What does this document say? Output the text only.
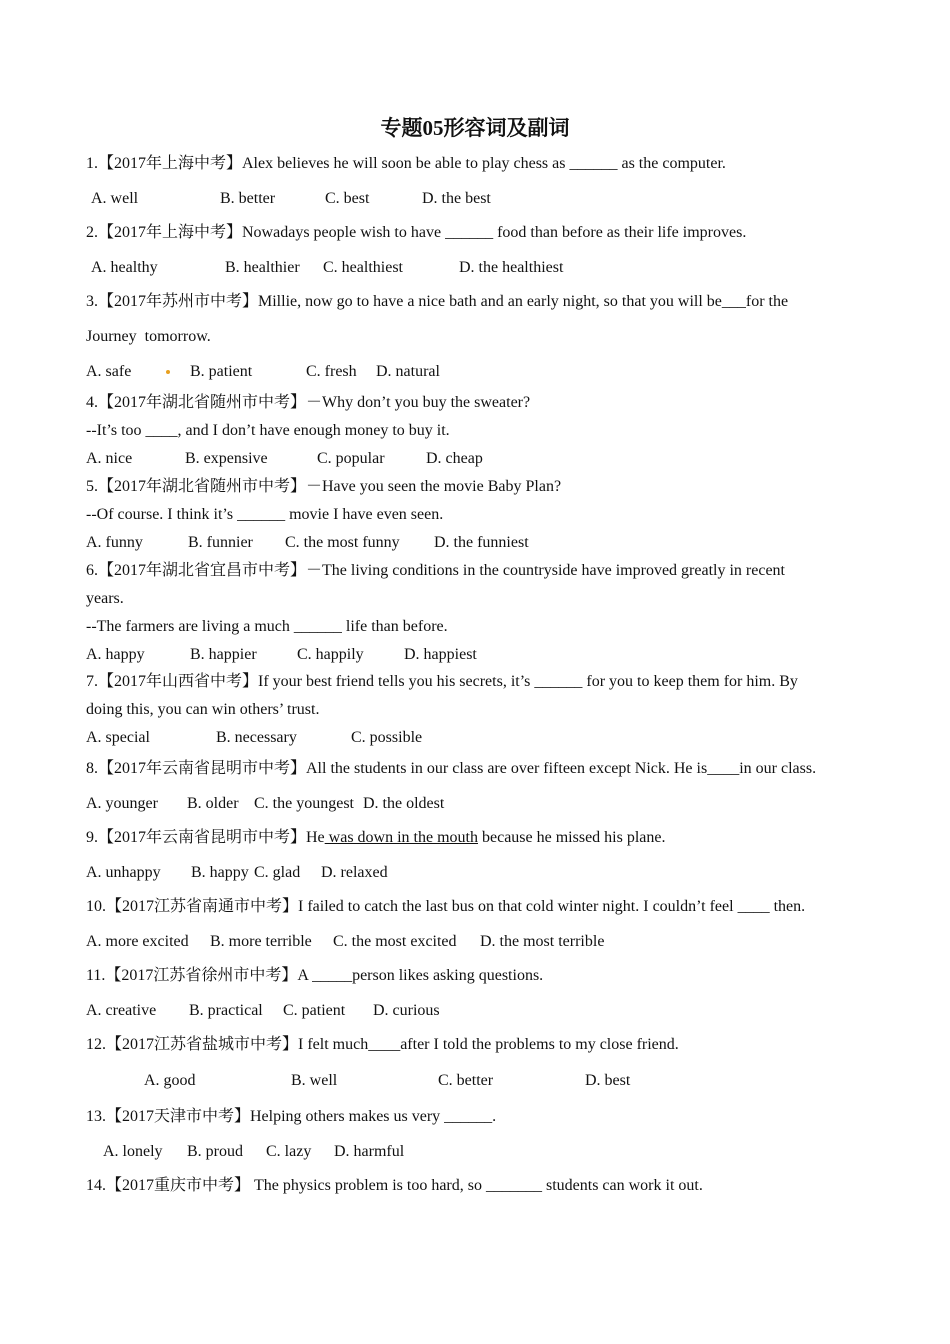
专题05形容词及副词
1.【2017年上海中考】Alex believes he will soon be able to play chess as ______ as the computer.
A. well	B. better	C. best	D. the best
2.【2017年上海中考】Nowadays people wish to have ______ food than before as their life improves.
A. healthy	B. healthier C. healthiest	D. the healthiest
3.【2017年苏州市中考】Millie, now go to have a nice bath and an early night, so that you will be___for the
Journey  tomorrow.
A. safe	B. patient	C. fresh D. natural
4.【2017年湖北省随州市中考】－Why don’t you buy the sweater?
--It’s too ____, and I don’t have enough money to buy it.
A. nice	B. expensive	C. popular	D. cheap
5.【2017年湖北省随州市中考】－Have you seen the movie Baby Plan?
--Of course. I think it’s ______ movie I have even seen.
A. funny	B. funnier C. the most funny D. the funniest
6.【2017年湖北省宜昌市中考】－The living conditions in the countryside have improved greatly in recent
years.
--The farmers are living a much ______ life than before.
A. happy	B. happier	C. happily	D. happiest
7.【2017年山西省中考】If your best friend tells you his secrets, it’s ______ for you to keep them for him. By
doing this, you can win others’ trust.
A. special	B. necessary	C. possible
8.【2017年云南省昆明市中考】All the students in our class are over fifteen except Nick. He is____in our class.
A. younger B. older C. the youngest D. the oldest
9.【2017年云南省昆明市中考】He was down in the mouth because he missed his plane.
A. unhappy B. happy C. glad D. relaxed
10.【2017江苏省南通市中考】I failed to catch the last bus on that cold winter night. I couldn’t feel ____ then.
A. more excited B. more terrible C. the most excited D. the most terrible
11.【2017江苏省徐州市中考】A _____person likes asking questions.
A. creative B. practical C. patient D. curious
12.【2017江苏省盐城市中考】I felt much____after I told the problems to my close friend.
A. good	B. well	C. better	D. best
13.【2017天津市中考】Helping others makes us very ______.
A. lonely B. proud C. lazy D. harmful
14.【2017重庆市中考】 The physics problem is too hard, so _______ students can work it out.
